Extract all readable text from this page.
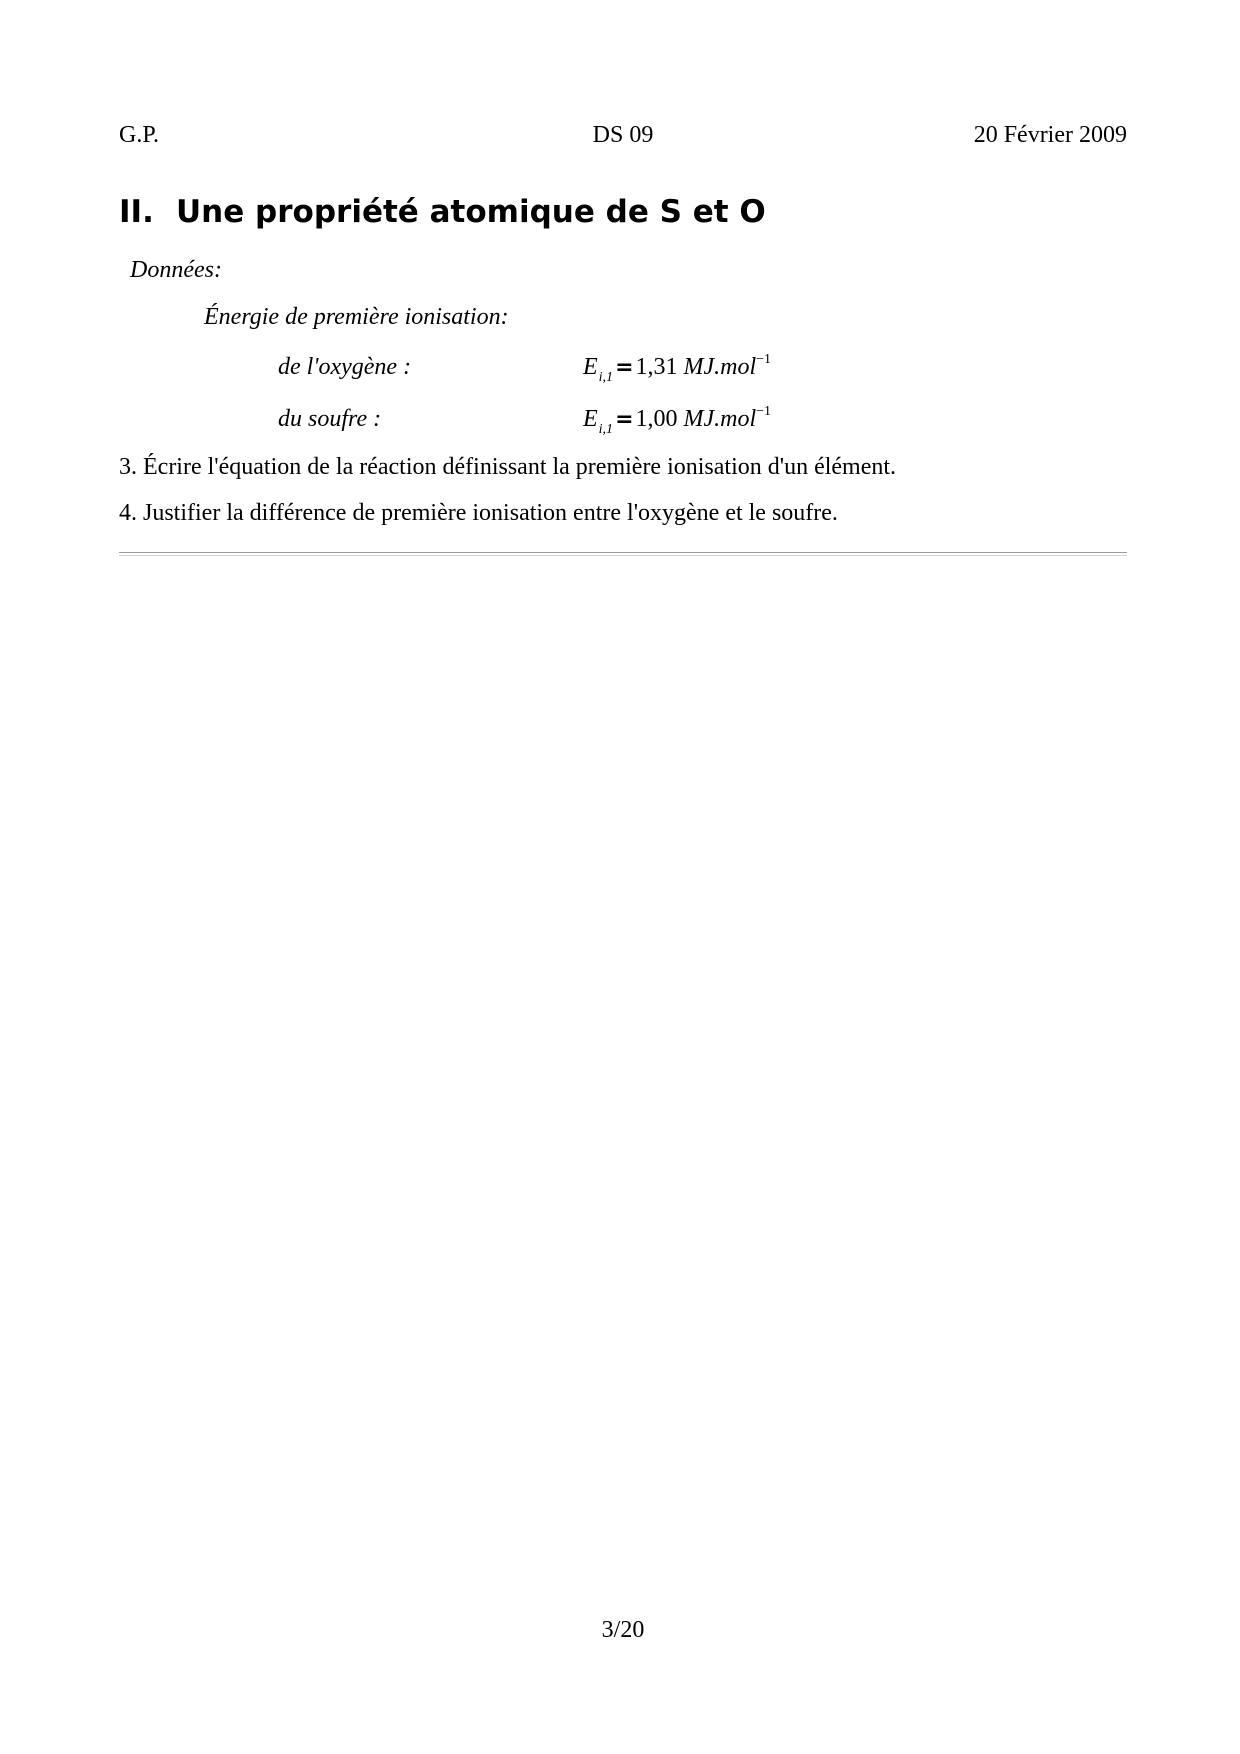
G.P.	DS 09	20 Février 2009
II. Une propriété atomique de S et O
Données:
Énergie de première ionisation:
de l'oxygène :	$E_{i,1}=1,31$ MJ.mol$^{-1}$
du soufre :	$E_{i,1}=1,00$ MJ.mol$^{-1}$
3. Écrire l'équation de la réaction définissant la première ionisation d'un élément.
4. Justifier la différence de première ionisation entre l'oxygène et le soufre.
3/20
